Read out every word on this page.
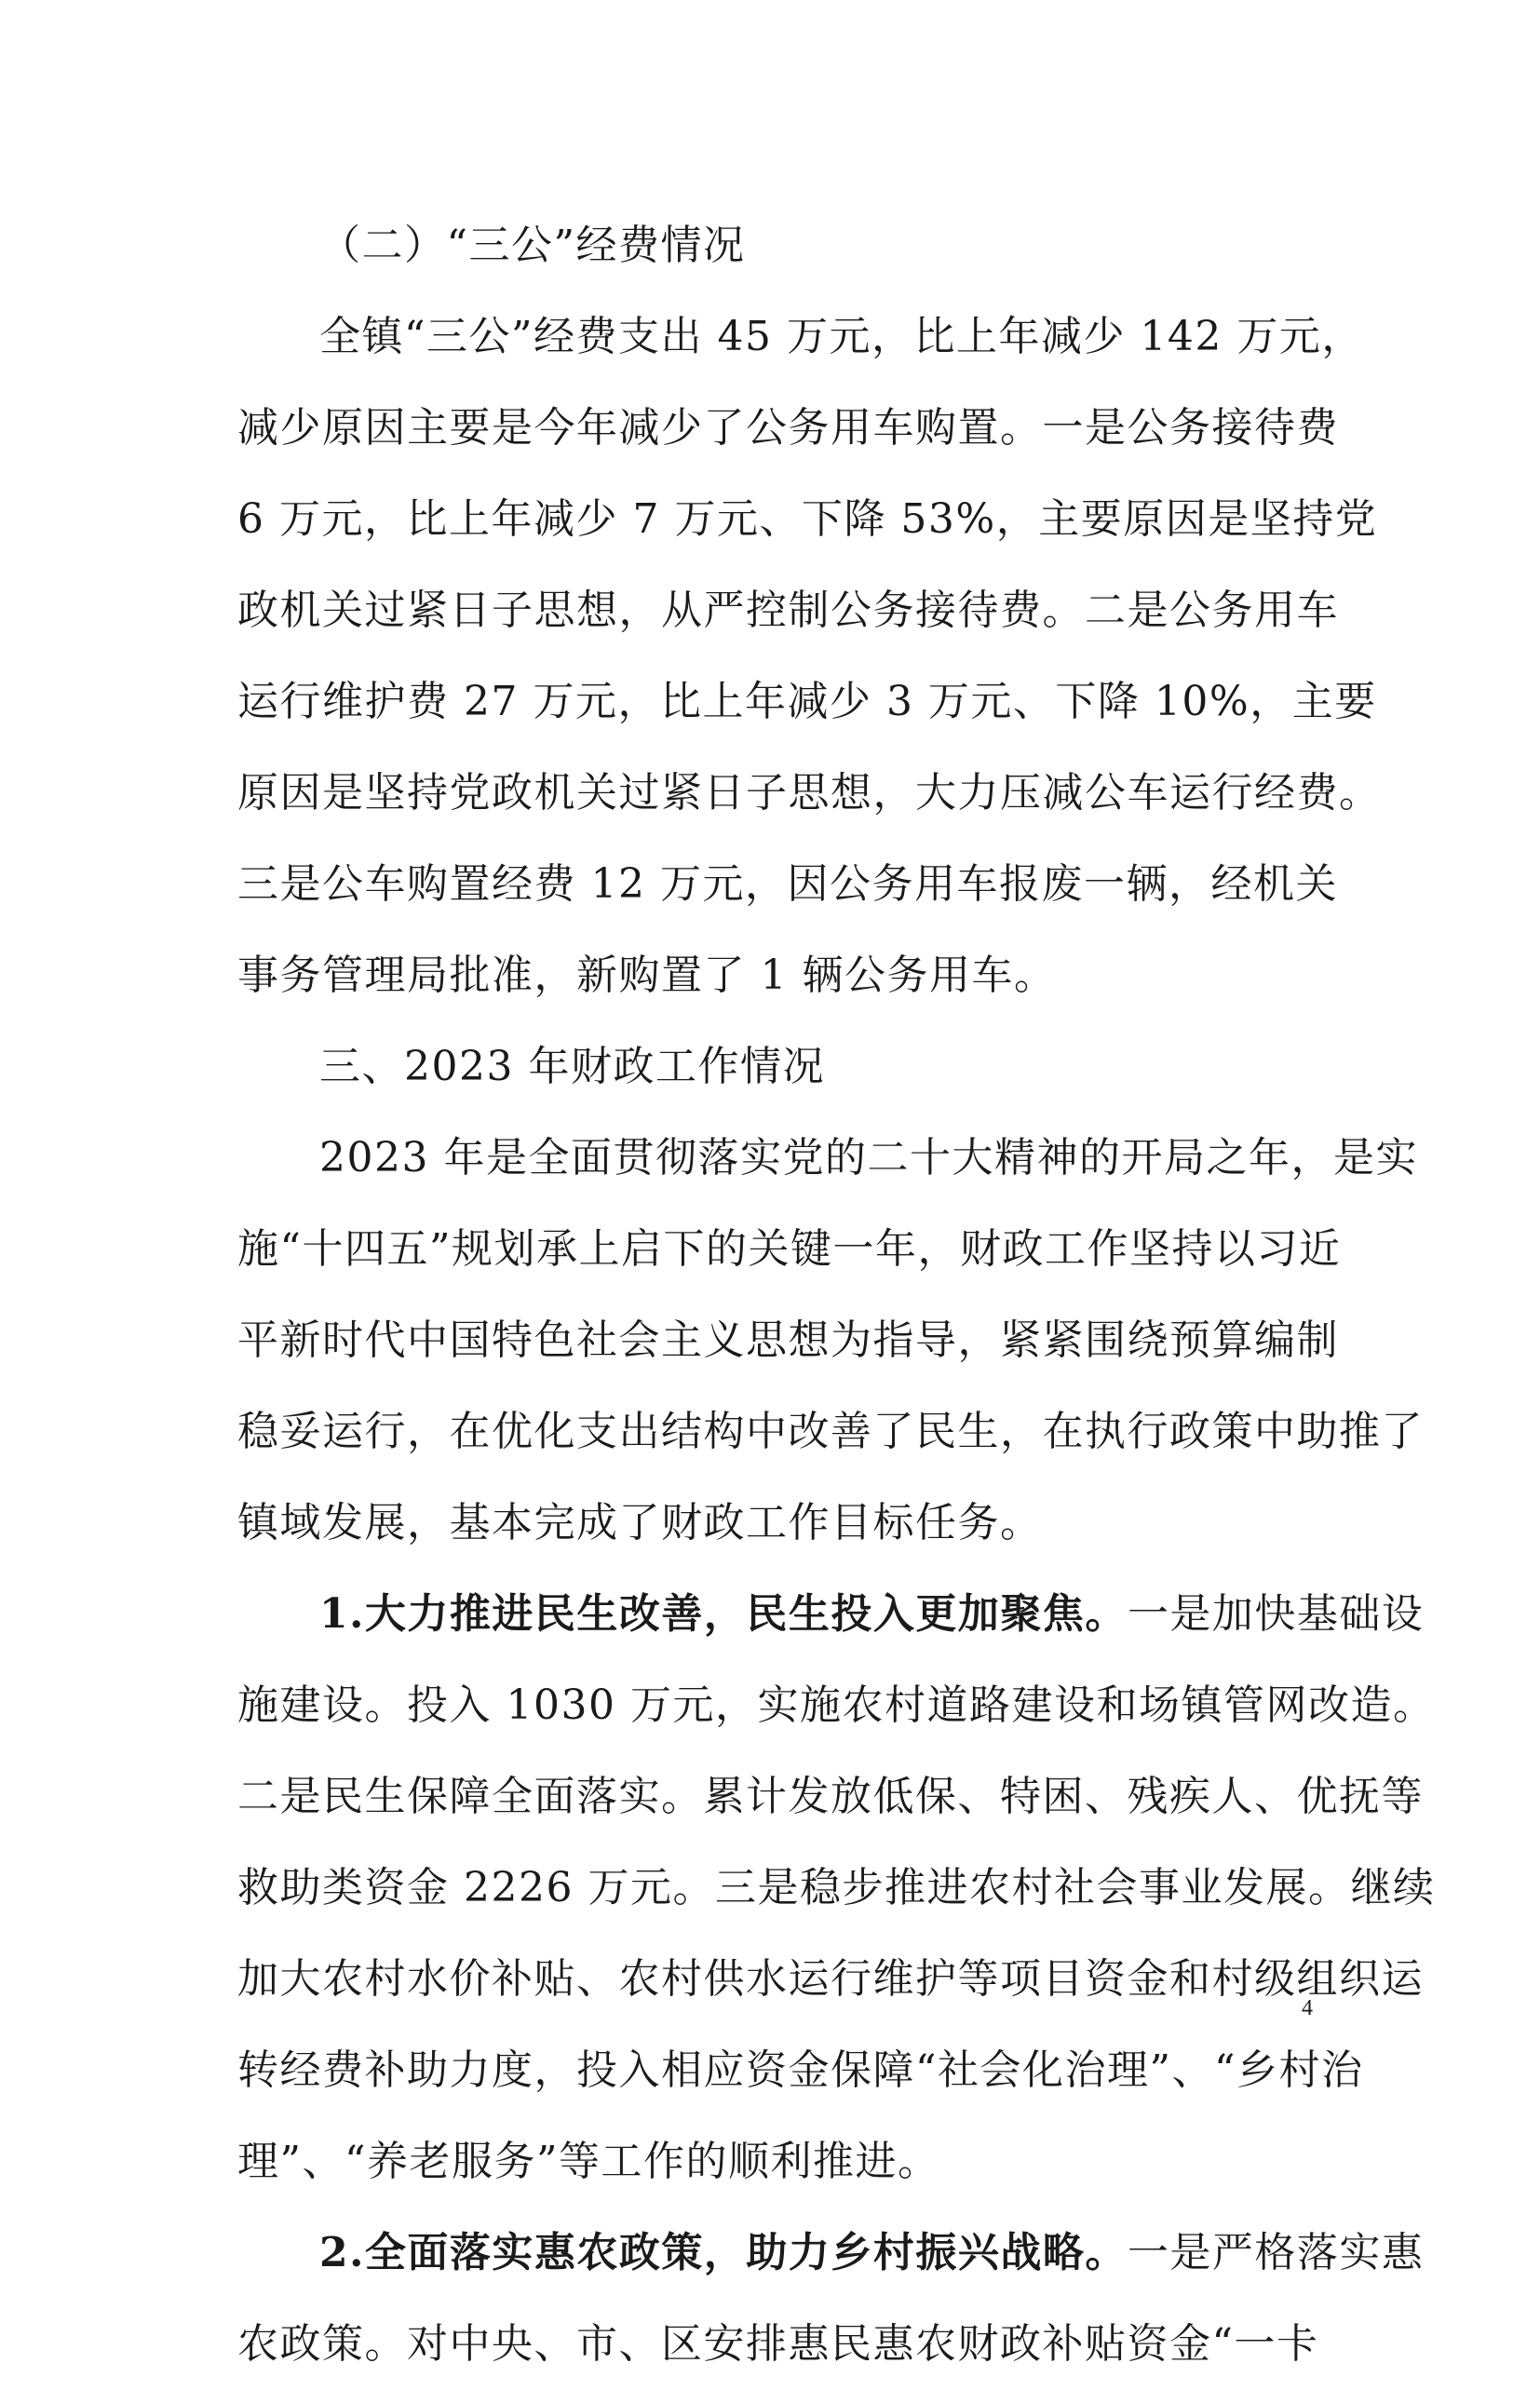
（二）“三公”经费情况
全镇“三公”经费支出 45 万元，比上年减少 142 万元，
减少原因主要是今年减少了公务用车购置。一是公务接待费
6 万元，比上年减少 7 万元、下降 53%，主要原因是坚持党
政机关过紧日子思想，从严控制公务接待费。二是公务用车
运行维护费 27 万元，比上年减少 3 万元、下降 10%，主要
原因是坚持党政机关过紧日子思想，大力压减公车运行经费。
三是公车购置经费 12 万元，因公务用车报废一辆，经机关
事务管理局批准，新购置了 1 辆公务用车。
三、2023 年财政工作情况
2023 年是全面贯彻落实党的二十大精神的开局之年，是实
施“十四五”规划承上启下的关键一年，财政工作坚持以习近
平新时代中国特色社会主义思想为指导，紧紧围绕预算编制
稳妥运行，在优化支出结构中改善了民生，在执行政策中助推了
镇域发展，基本完成了财政工作目标任务。
1.大力推进民生改善，民生投入更加聚焦。一是加快基础设
施建设。投入 1030 万元，实施农村道路建设和场镇管网改造。
二是民生保障全面落实。累计发放低保、特困、残疾人、优抚等
救助类资金 2226 万元。三是稳步推进农村社会事业发展。继续
加大农村水价补贴、农村供水运行维护等项目资金和村级组织运
转经费补助力度，投入相应资金保障“社会化治理”、“乡村治
理”、“养老服务”等工作的顺利推进。
2.全面落实惠农政策，助力乡村振兴战略。一是严格落实惠
农政策。对中央、市、区安排惠民惠农财政补贴资金“一卡
4
